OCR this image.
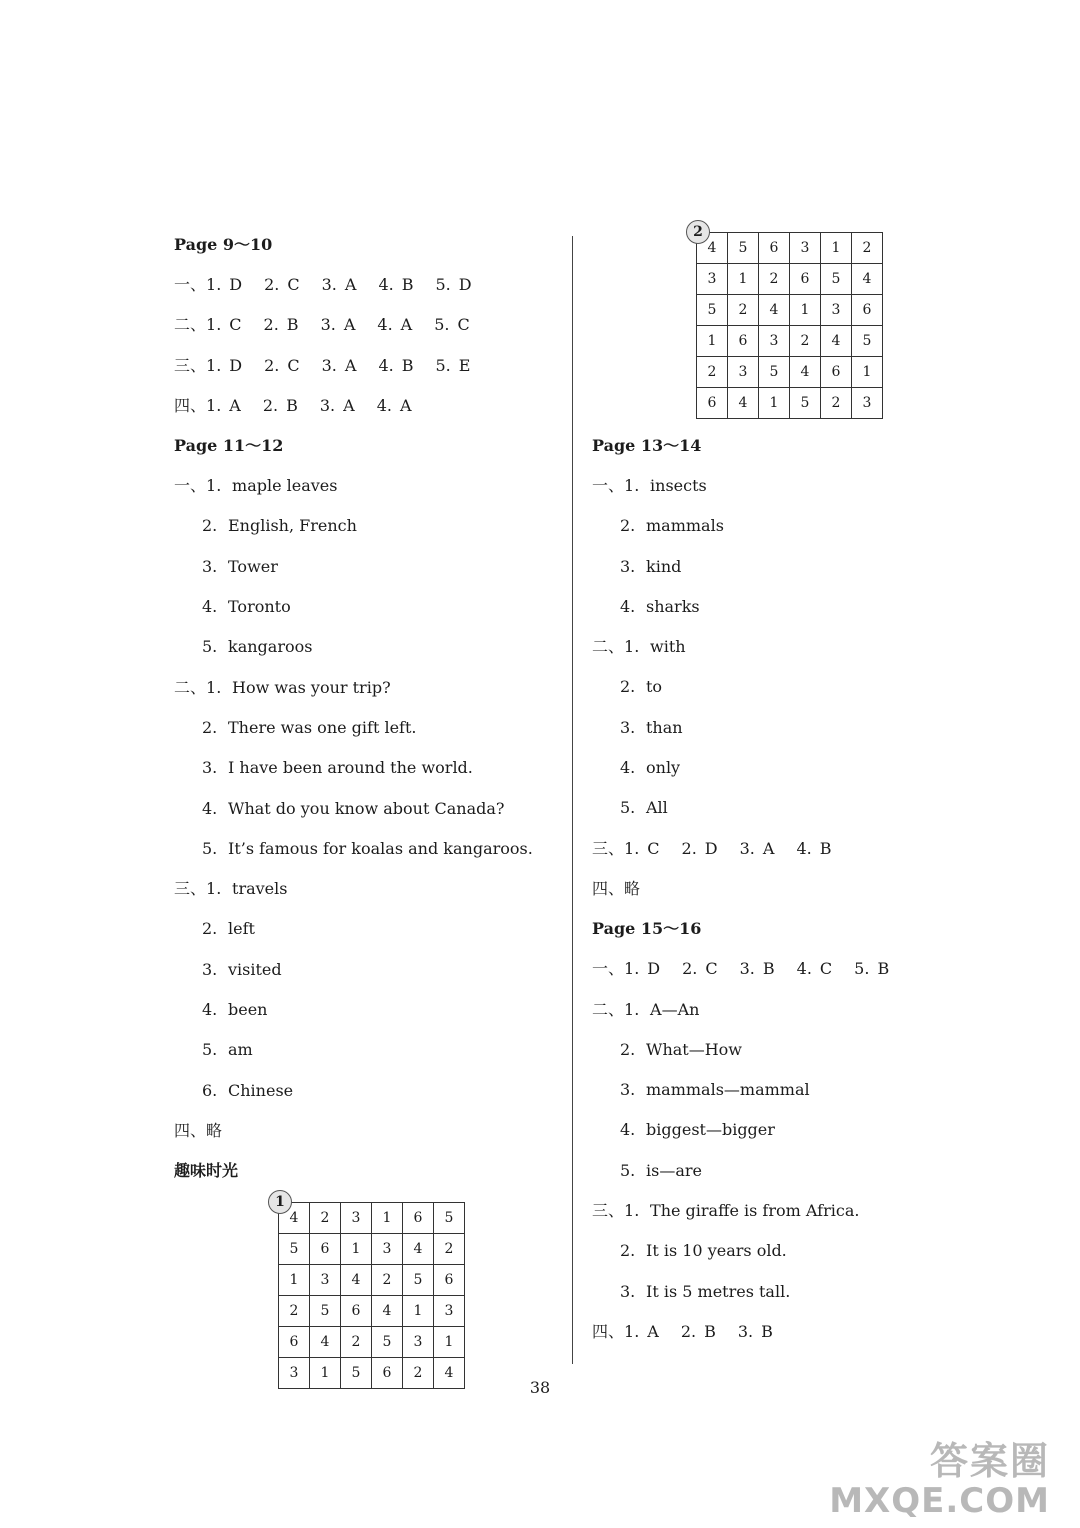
Page 9～10
一、1. D 2. C 3. A 4. B 5. D
二、1. C 2. B 3. A 4. A 5. C
三、1. D 2. C 3. A 4. B 5. E
四、1. A 2. B 3. A 4. A
Page 11～12
一、1. maple leaves
2. English, French
3. Tower
4. Toronto
5. kangaroos
二、1. How was your trip?
2. There was one gift left.
3. I have been around the world.
4. What do you know about Canada?
5. It’s famous for koalas and kangaroos.
三、1. travels
2. left
3. visited
4. been
5. am
6. Chinese
四、略
趣味时光
1
4	2	3	1	6	5
5	6	1	3	4	2
1	3	4	2	5	6
2	5	6	4	1	3
6	4	2	5	3	1
3	1	5	6	2	4
2
4	5	6	3	1	2
3	1	2	6	5	4
5	2	4	1	3	6
1	6	3	2	4	5
2	3	5	4	6	1
6	4	1	5	2	3
Page 13～14
一、1. insects
2. mammals
3. kind
4. sharks
二、1. with
2. to
3. than
4. only
5. All
三、1. C 2. D 3. A 4. B
四、略
Page 15～16
一、1. D 2. C 3. B 4. C 5. B
二、1. A—An
2. What—How
3. mammals—mammal
4. biggest—bigger
5. is—are
三、1. The giraffe is from Africa.
2. It is 10 years old.
3. It is 5 metres tall.
四、1. A 2. B 3. B
38
答案圈
MXQE.COM
